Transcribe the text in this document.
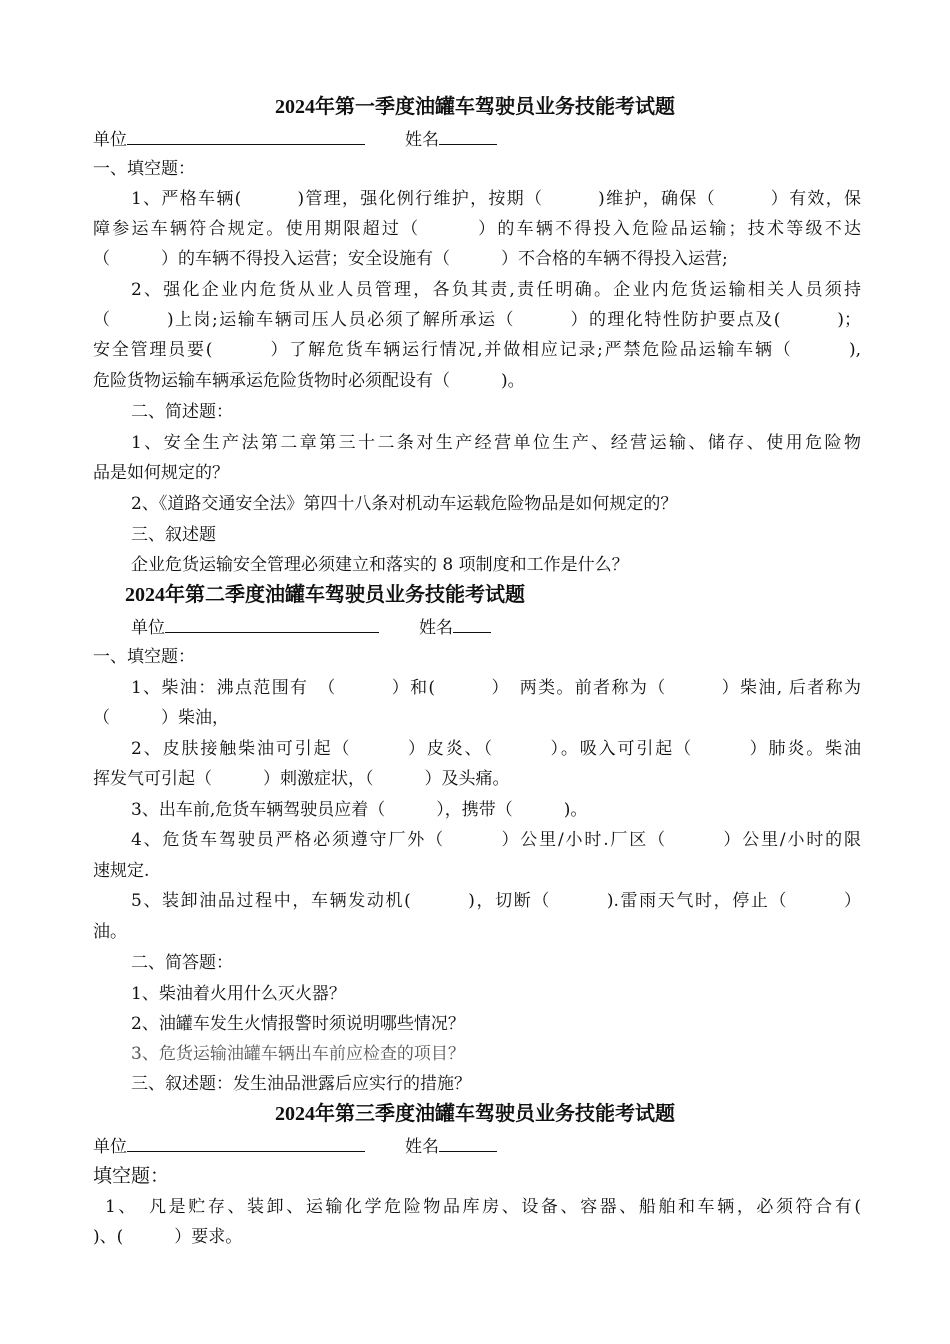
2024年第一季度油罐车驾驶员业务技能考试题
单位	姓名
一、填空题：
1、严格车辆(　　　)管理，强化例行维护，按期（　　　)维护，确保（　　　）有效，保
障参运车辆符合规定。使用期限超过（　　　）的车辆不得投入危险品运输；技术等级不达
（　　　）的车辆不得投入运营；安全设施有（　　　）不合格的车辆不得投入运营;
2、强化企业内危货从业人员管理，各负其责,责任明确。企业内危货运输相关人员须持
（　　　)上岗;运输车辆司压人员必须了解所承运（　　　）的理化特性防护要点及(　　　)；
安全管理员要(　　　）了解危货车辆运行情况,并做相应记录;严禁危险品运输车辆（　　　),
危险货物运输车辆承运危险货物时必须配设有（　　　)。
二、简述题：
1、安全生产法第二章第三十二条对生产经营单位生产、经营运输、储存、使用危险物
品是如何规定的？
2、《道路交通安全法》第四十八条对机动车运载危险物品是如何规定的？
三、叙述题
企业危货运输安全管理必须建立和落实的 8 项制度和工作是什么？
2024年第二季度油罐车驾驶员业务技能考试题
单位	姓名
一、填空题：
1、柴油：沸点范围有　（　　　）和(　　　）　两类。前者称为（　　　）柴油, 后者称为
（　　　）柴油，
2、皮肤接触柴油可引起（　　　）皮炎、（　　　）。吸入可引起（　　　）肺炎。柴油
挥发气可引起（　　　）刺激症状，（　　　）及头痛。
3、出车前,危货车辆驾驶员应着（　　　），携带（　　　)。
4、危货车驾驶员严格必须遵守厂外（　　　）公里/小时.厂区（　　　）公里/小时的限
速规定.
5、装卸油品过程中，车辆发动机(　　　)，切断（　　　).雷雨天气时，停止（　　　）
油。
二、简答题：
1、柴油着火用什么灭火器？
2、油罐车发生火情报警时须说明哪些情况？
3、危货运输油罐车辆出车前应检查的项目？
三、叙述题：发生油品泄露后应实行的措施？
2024年第三季度油罐车驾驶员业务技能考试题
单位	姓名
填空题：
1、　凡是贮存、装卸、运输化学危险物品库房、设备、容器、船舶和车辆，必须符合有(
)、(　　　）要求。
